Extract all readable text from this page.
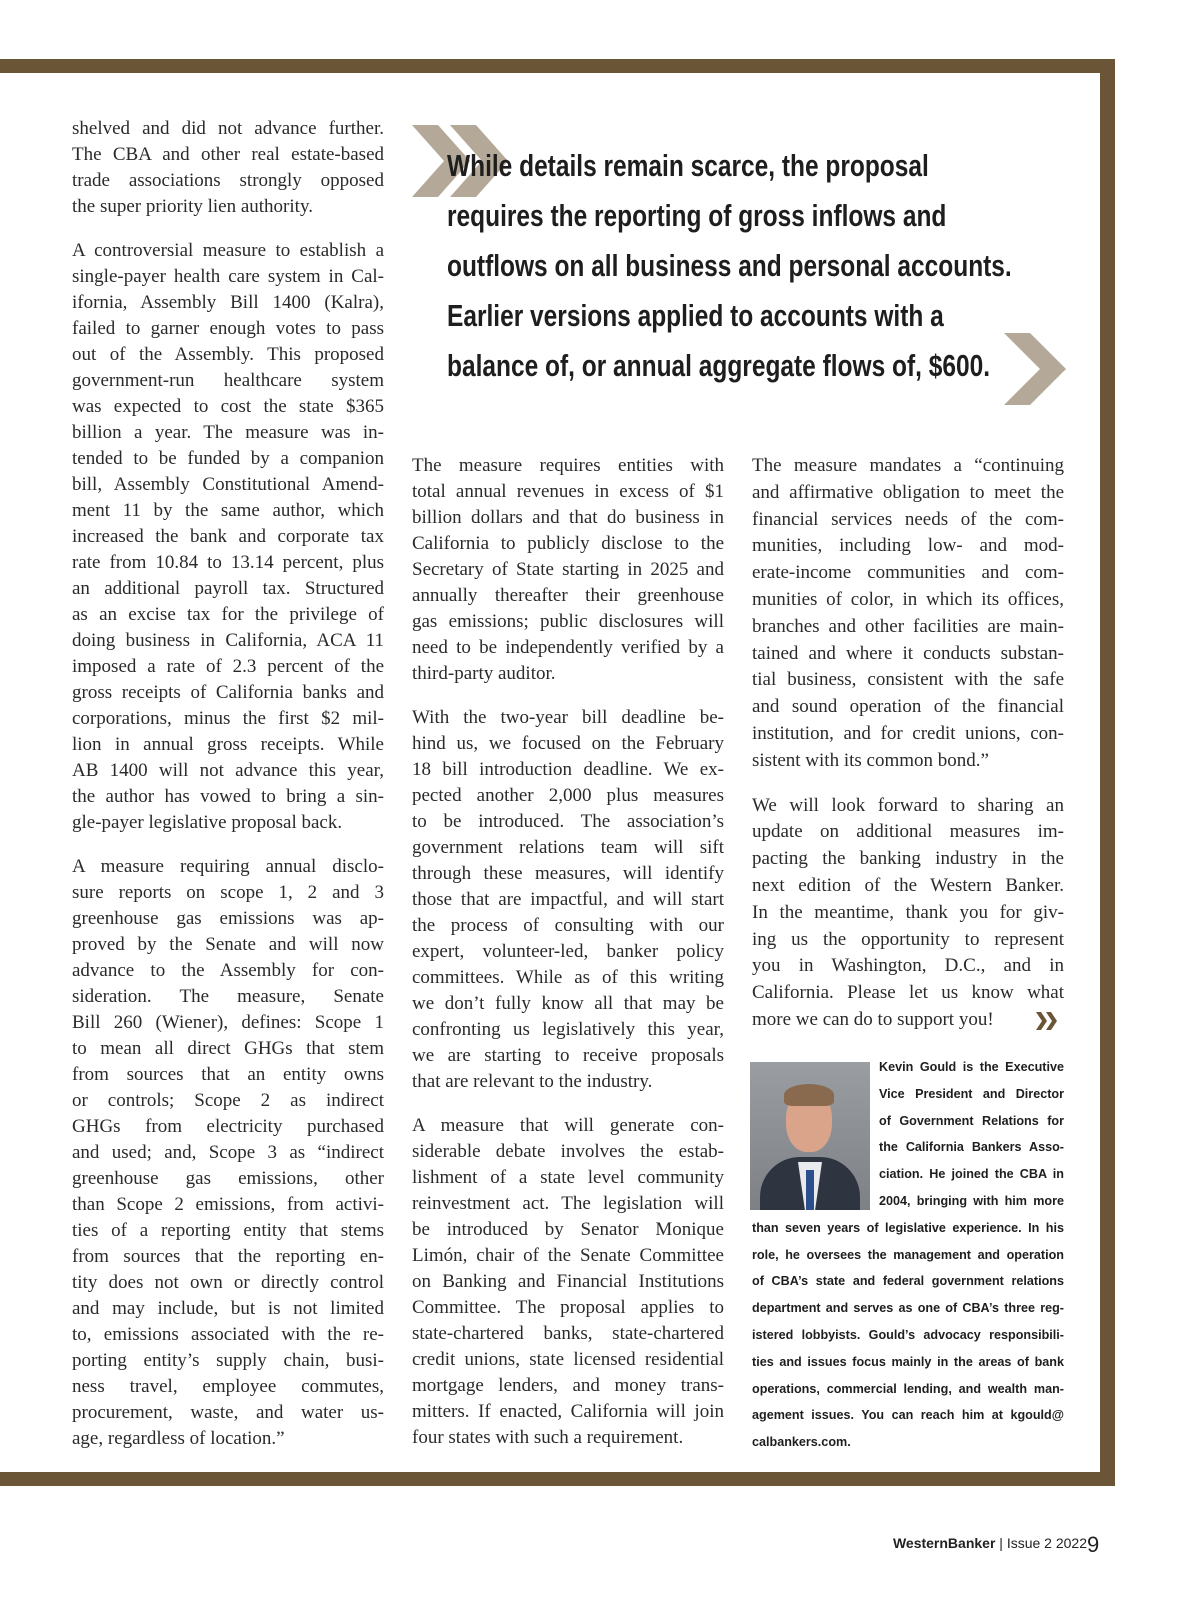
While details remain scarce, the proposal
requires the reporting of gross inflows and
outflows on all business and personal accounts.
Earlier versions applied to accounts with a
balance of, or annual aggregate flows of, $600.
shelved and did not advance further.
The CBA and other real estate-based
trade associations strongly opposed
the super priority lien authority.
A controversial measure to establish a
single-payer health care system in Cal-
ifornia, Assembly Bill 1400 (Kalra),
failed to garner enough votes to pass
out of the Assembly. This proposed
government-run healthcare system
was expected to cost the state $365
billion a year. The measure was in-
tended to be funded by a companion
bill, Assembly Constitutional Amend-
ment 11 by the same author, which
increased the bank and corporate tax
rate from 10.84 to 13.14 percent, plus
an additional payroll tax. Structured
as an excise tax for the privilege of
doing business in California, ACA 11
imposed a rate of 2.3 percent of the
gross receipts of California banks and
corporations, minus the first $2 mil-
lion in annual gross receipts. While
AB 1400 will not advance this year,
the author has vowed to bring a sin-
gle-payer legislative proposal back.
A measure requiring annual disclo-
sure reports on scope 1, 2 and 3
greenhouse gas emissions was ap-
proved by the Senate and will now
advance to the Assembly for con-
sideration. The measure, Senate
Bill 260 (Wiener), defines: Scope 1
to mean all direct GHGs that stem
from sources that an entity owns
or controls; Scope 2 as indirect
GHGs from electricity purchased
and used; and, Scope 3 as “indirect
greenhouse gas emissions, other
than Scope 2 emissions, from activi-
ties of a reporting entity that stems
from sources that the reporting en-
tity does not own or directly control
and may include, but is not limited
to, emissions associated with the re-
porting entity’s supply chain, busi-
ness travel, employee commutes,
procurement, waste, and water us-
age, regardless of location.”
The measure requires entities with
total annual revenues in excess of $1
billion dollars and that do business in
California to publicly disclose to the
Secretary of State starting in 2025 and
annually thereafter their greenhouse
gas emissions; public disclosures will
need to be independently verified by a
third-party auditor.
With the two-year bill deadline be-
hind us, we focused on the February
18 bill introduction deadline. We ex-
pected another 2,000 plus measures
to be introduced. The association’s
government relations team will sift
through these measures, will identify
those that are impactful, and will start
the process of consulting with our
expert, volunteer-led, banker policy
committees. While as of this writing
we don’t fully know all that may be
confronting us legislatively this year,
we are starting to receive proposals
that are relevant to the industry.
A measure that will generate con-
siderable debate involves the estab-
lishment of a state level community
reinvestment act. The legislation will
be introduced by Senator Monique
Limón, chair of the Senate Committee
on Banking and Financial Institutions
Committee. The proposal applies to
state-chartered banks, state-chartered
credit unions, state licensed residential
mortgage lenders, and money trans-
mitters. If enacted, California will join
four states with such a requirement.
The measure mandates a “continuing
and affirmative obligation to meet the
financial services needs of the com-
munities, including low- and mod-
erate-income communities and com-
munities of color, in which its offices,
branches and other facilities are main-
tained and where it conducts substan-
tial business, consistent with the safe
and sound operation of the financial
institution, and for credit unions, con-
sistent with its common bond.”
We will look forward to sharing an
update on additional measures im-
pacting the banking industry in the
next edition of the Western Banker.
In the meantime, thank you for giv-
ing us the opportunity to represent
you in Washington, D.C., and in
California. Please let us know what
more we can do to support you!
Kevin Gould is the Executive
Vice President and Director
of Government Relations for
the California Bankers Asso-
ciation. He joined the CBA in
2004, bringing with him more
than seven years of legislative experience. In his
role, he oversees the management and operation
of CBA’s state and federal government relations
department and serves as one of CBA’s three reg-
istered lobbyists. Gould’s advocacy responsibili-
ties and issues focus mainly in the areas of bank
operations, commercial lending, and wealth man-
agement issues. You can reach him at kgould@
calbankers.com.
WesternBanker | Issue 2 2022 9
